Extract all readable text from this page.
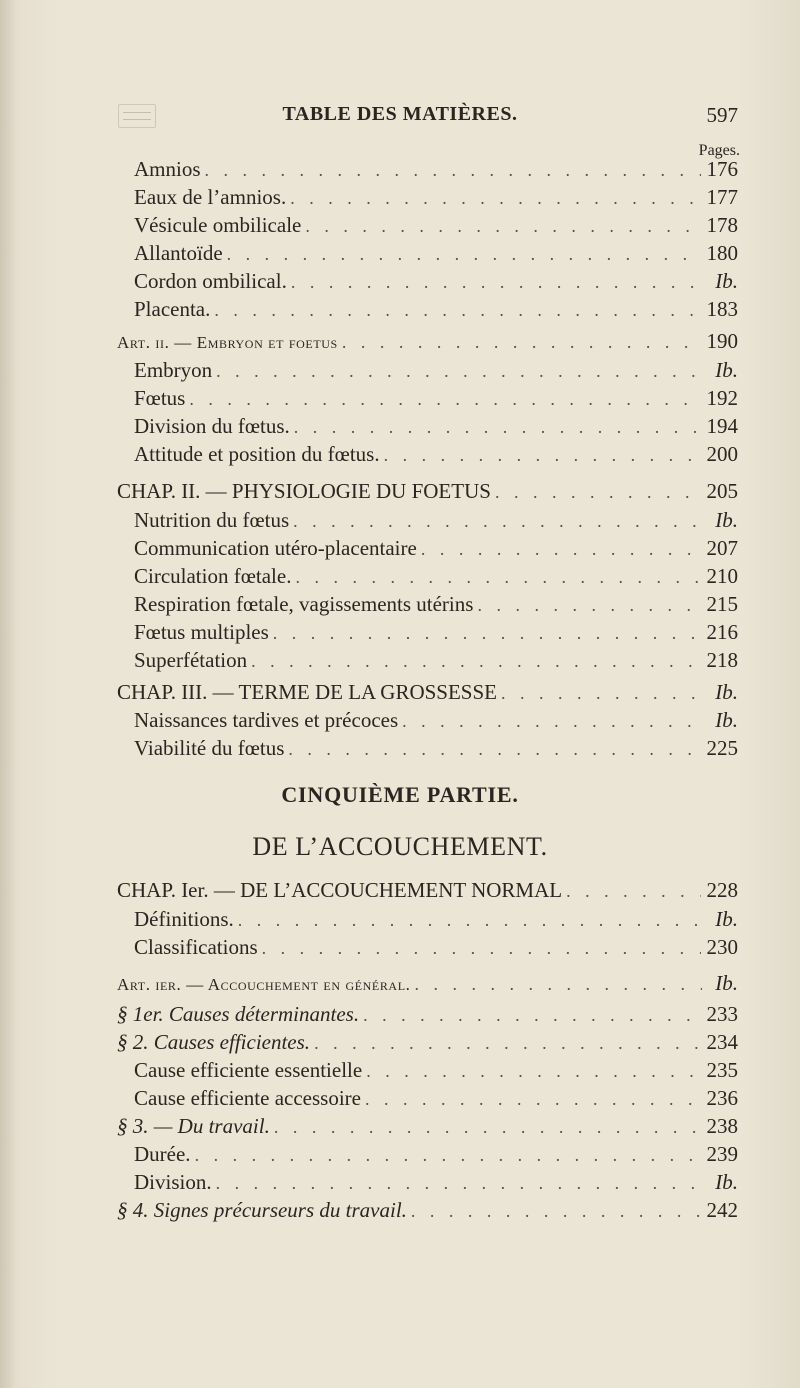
TABLE DES MATIÈRES.	597
Pages.
Amnios . . .	176
Eaux de l’amnios. . . .	177
Vésicule ombilicale . . .	178
Allantoïde . . .	180
Cordon ombilical. . . .	Ib.
Placenta. . . .	183
Art. ii. — Embryon et foetus . . .	190
Embryon . . .	Ib.
Fœtus . . .	192
Division du fœtus. . . .	194
Attitude et position du fœtus. . . .	200
CHAP. II. — PHYSIOLOGIE DU FOETUS . . .	205
Nutrition du fœtus . . .	Ib.
Communication utéro-placentaire . . .	207
Circulation fœtale. . . .	210
Respiration fœtale, vagissements utérins . . .	215
Fœtus multiples . . .	216
Superfétation . . .	218
CHAP. III. — TERME DE LA GROSSESSE . . .	Ib.
Naissances tardives et précoces . . .	Ib.
Viabilité du fœtus . . .	225
CINQUIÈME PARTIE.
DE L’ACCOUCHEMENT.
CHAP. Ier. — DE L’ACCOUCHEMENT NORMAL . . .	228
Définitions. . . .	Ib.
Classifications . . .	230
Art. ier. — Accouchement en général. . . .	Ib.
§ 1er. Causes déterminantes. . . .	233
§ 2. Causes efficientes. . . .	234
Cause efficiente essentielle . . .	235
Cause efficiente accessoire . . .	236
§ 3. — Du travail. . . .	238
Durée. . . .	239
Division. . . .	Ib.
§ 4. Signes précurseurs du travail. . . .	242
